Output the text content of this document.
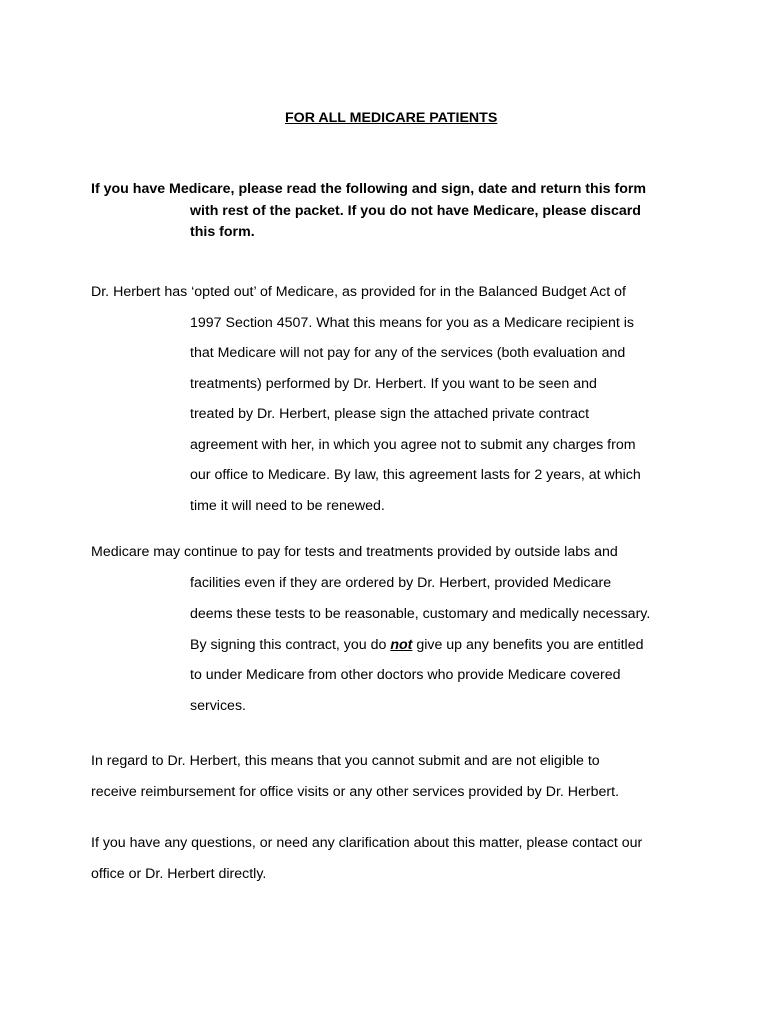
FOR ALL MEDICARE PATIENTS
If you have Medicare, please read the following and sign, date and return this form
with rest of the packet. If you do not have Medicare, please discard
this form.
Dr. Herbert has ‘opted out’ of Medicare, as provided for in the Balanced Budget Act of
1997 Section 4507. What this means for you as a Medicare recipient is
that Medicare will not pay for any of the services (both evaluation and
treatments) performed by Dr. Herbert. If you want to be seen and
treated by Dr. Herbert, please sign the attached private contract
agreement with her, in which you agree not to submit any charges from
our office to Medicare. By law, this agreement lasts for 2 years, at which
time it will need to be renewed.
Medicare may continue to pay for tests and treatments provided by outside labs and
facilities even if they are ordered by Dr. Herbert, provided Medicare
deems these tests to be reasonable, customary and medically necessary.
By signing this contract, you do not give up any benefits you are entitled
to under Medicare from other doctors who provide Medicare covered
services.
In regard to Dr. Herbert, this means that you cannot submit and are not eligible to
receive reimbursement for office visits or any other services provided by Dr. Herbert.
If you have any questions, or need any clarification about this matter, please contact our
office or Dr. Herbert directly.
